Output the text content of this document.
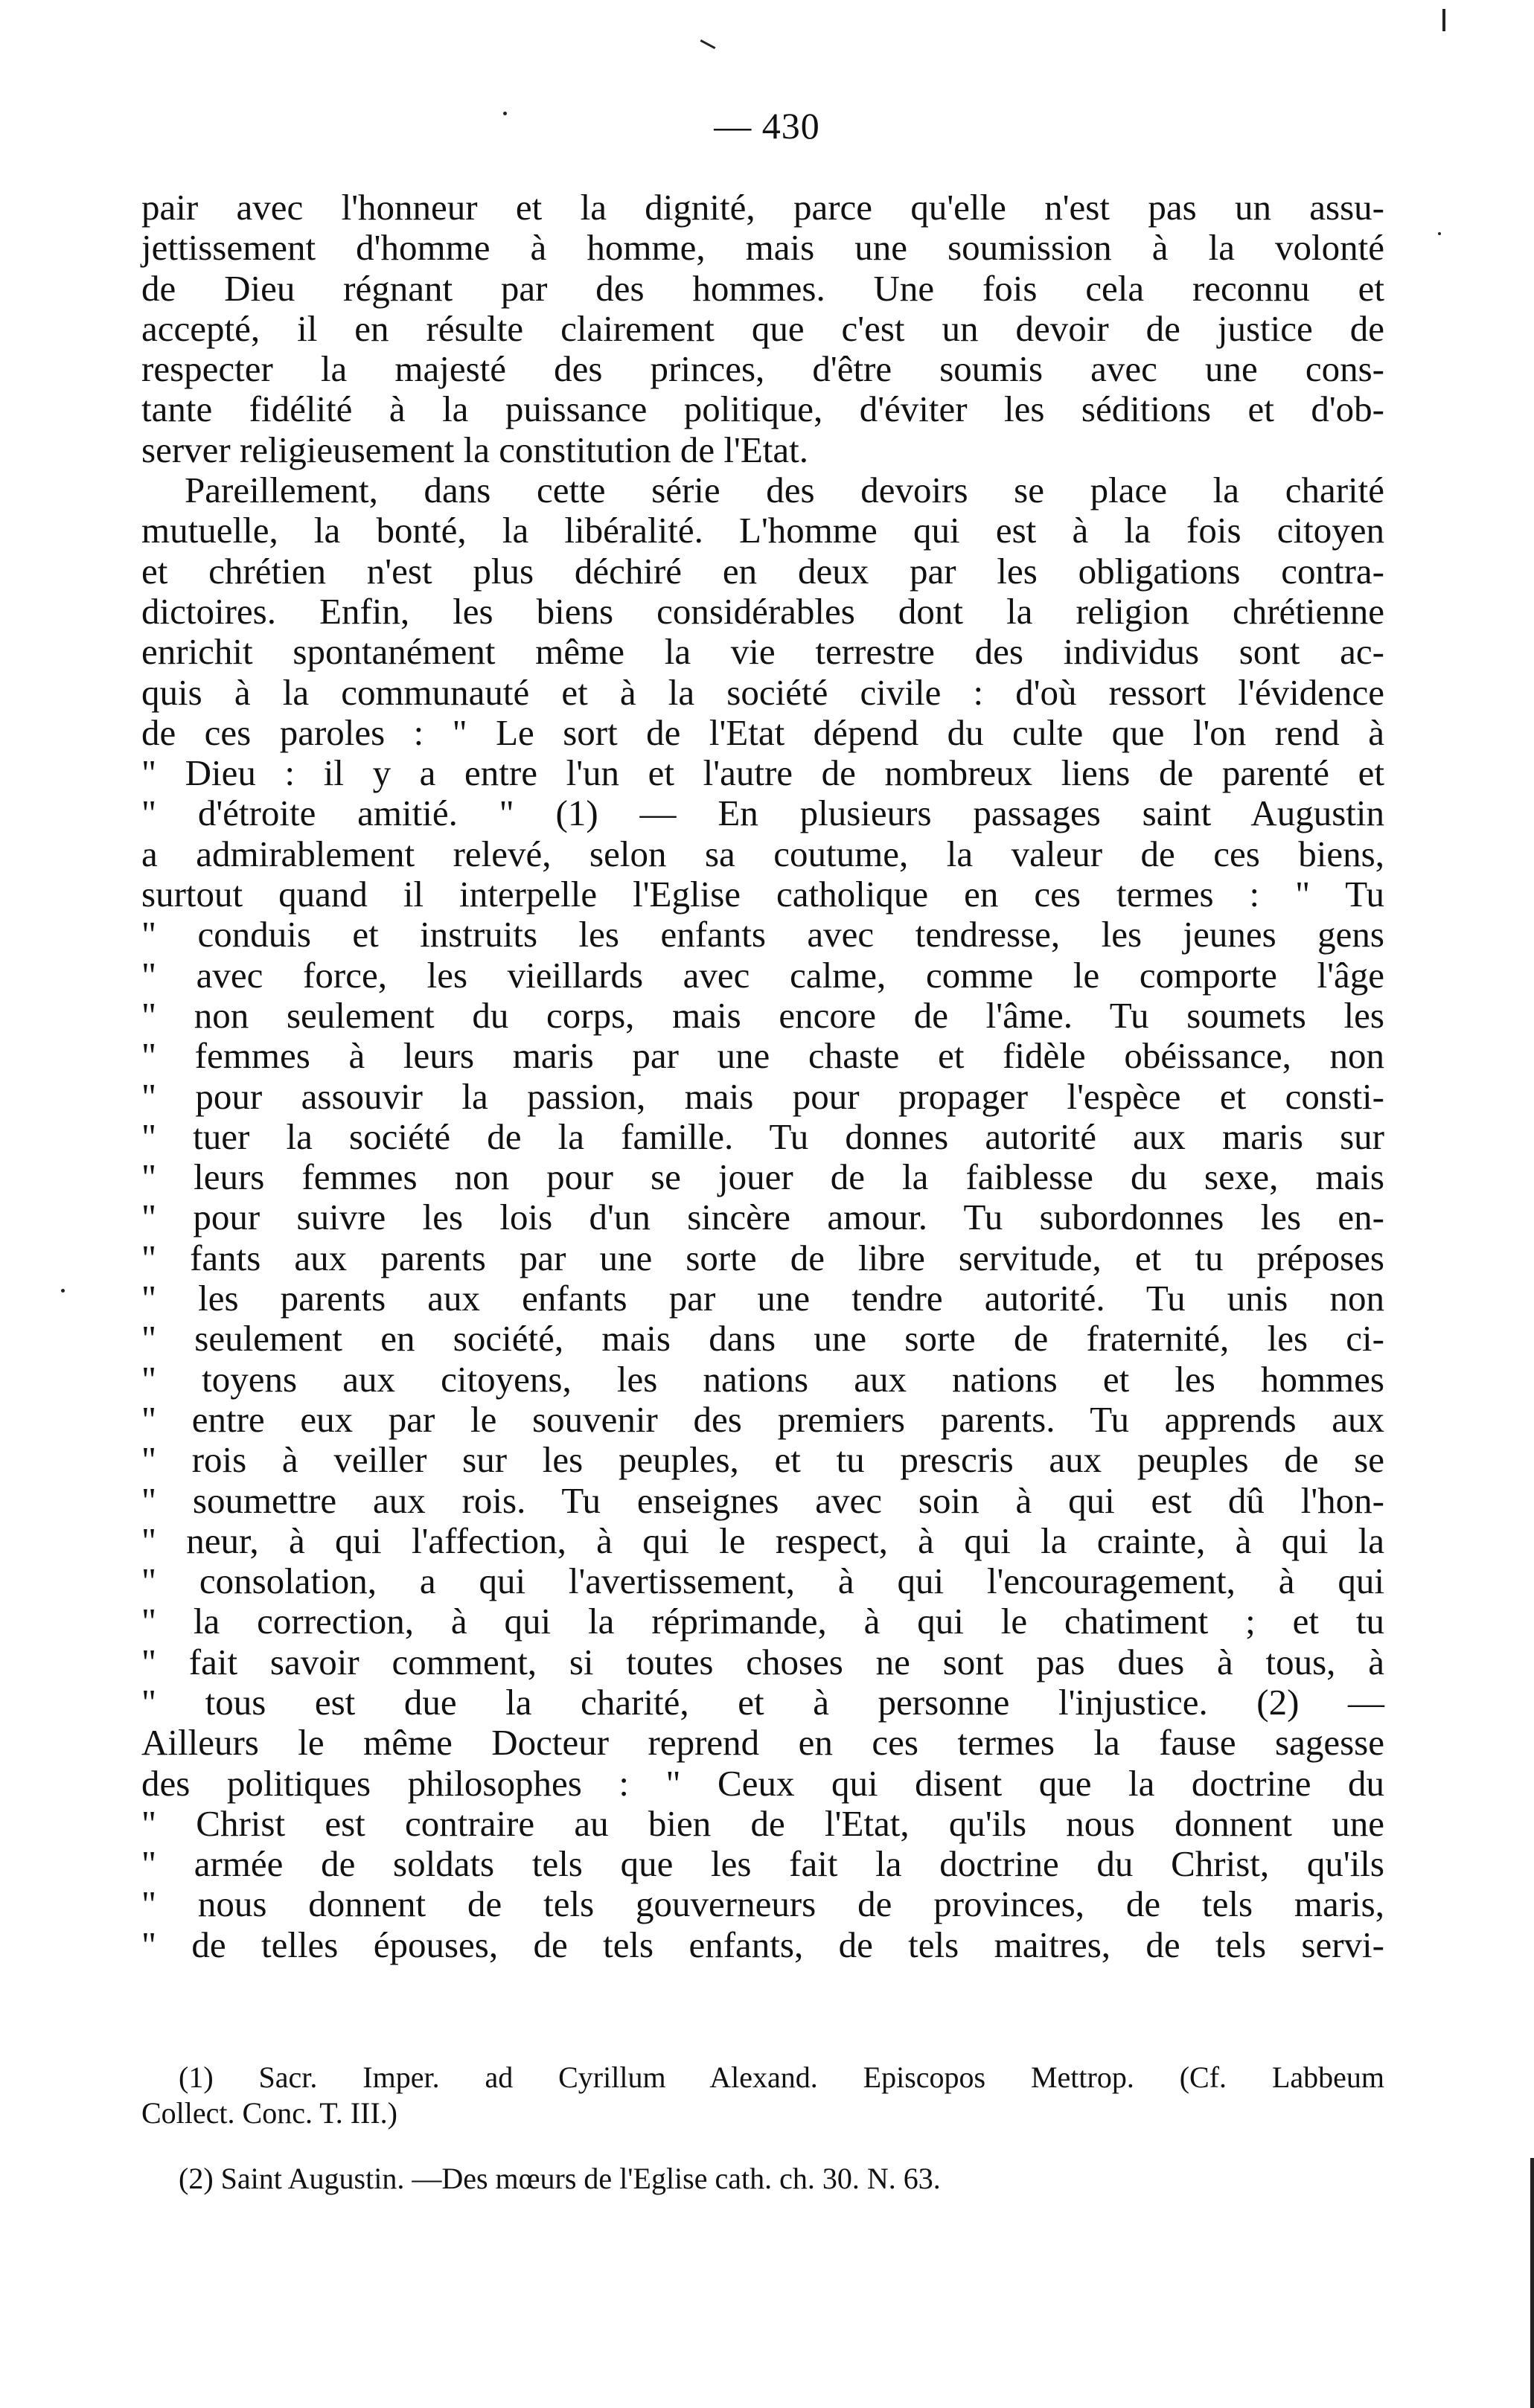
— 430
pair avec l'honneur et la dignité, parce qu'elle n'est pas un assu-
jettissement d'homme à homme, mais une soumission à la volonté
de Dieu régnant par des hommes. Une fois cela reconnu et
accepté, il en résulte clairement que c'est un devoir de justice de
respecter la majesté des princes, d'être soumis avec une cons-
tante fidélité à la puissance politique, d'éviter les séditions et d'ob-
server religieusement la constitution de l'Etat.
Pareillement, dans cette série des devoirs se place la charité
mutuelle, la bonté, la libéralité. L'homme qui est à la fois citoyen
et chrétien n'est plus déchiré en deux par les obligations contra-
dictoires. Enfin, les biens considérables dont la religion chrétienne
enrichit spontanément même la vie terrestre des individus sont ac-
quis à la communauté et à la société civile : d'où ressort l'évidence
de ces paroles : " Le sort de l'Etat dépend du culte que l'on rend à
" Dieu : il y a entre l'un et l'autre de nombreux liens de parenté et
" d'étroite amitié. " (1) — En plusieurs passages saint Augustin
a admirablement relevé, selon sa coutume, la valeur de ces biens,
surtout quand il interpelle l'Eglise catholique en ces termes : " Tu
" conduis et instruits les enfants avec tendresse, les jeunes gens
" avec force, les vieillards avec calme, comme le comporte l'âge
" non seulement du corps, mais encore de l'âme. Tu soumets les
" femmes à leurs maris par une chaste et fidèle obéissance, non
" pour assouvir la passion, mais pour propager l'espèce et consti-
" tuer la société de la famille. Tu donnes autorité aux maris sur
" leurs femmes non pour se jouer de la faiblesse du sexe, mais
" pour suivre les lois d'un sincère amour. Tu subordonnes les en-
" fants aux parents par une sorte de libre servitude, et tu préposes
" les parents aux enfants par une tendre autorité. Tu unis non
" seulement en société, mais dans une sorte de fraternité, les ci-
" toyens aux citoyens, les nations aux nations et les hommes
" entre eux par le souvenir des premiers parents. Tu apprends aux
" rois à veiller sur les peuples, et tu prescris aux peuples de se
" soumettre aux rois. Tu enseignes avec soin à qui est dû l'hon-
" neur, à qui l'affection, à qui le respect, à qui la crainte, à qui la
" consolation, a qui l'avertissement, à qui l'encouragement, à qui
" la correction, à qui la réprimande, à qui le chatiment ; et tu
" fait savoir comment, si toutes choses ne sont pas dues à tous, à
" tous est due la charité, et à personne l'injustice. (2) —
Ailleurs le même Docteur reprend en ces termes la fause sagesse
des politiques philosophes : " Ceux qui disent que la doctrine du
" Christ est contraire au bien de l'Etat, qu'ils nous donnent une
" armée de soldats tels que les fait la doctrine du Christ, qu'ils
" nous donnent de tels gouverneurs de provinces, de tels maris,
" de telles épouses, de tels enfants, de tels maitres, de tels servi-
(1) Sacr. Imper. ad Cyrillum Alexand. Episcopos Mettrop. (Cf. Labbeum
Collect. Conc. T. III.)
(2) Saint Augustin. —Des mœurs de l'Eglise cath. ch. 30. N. 63.
